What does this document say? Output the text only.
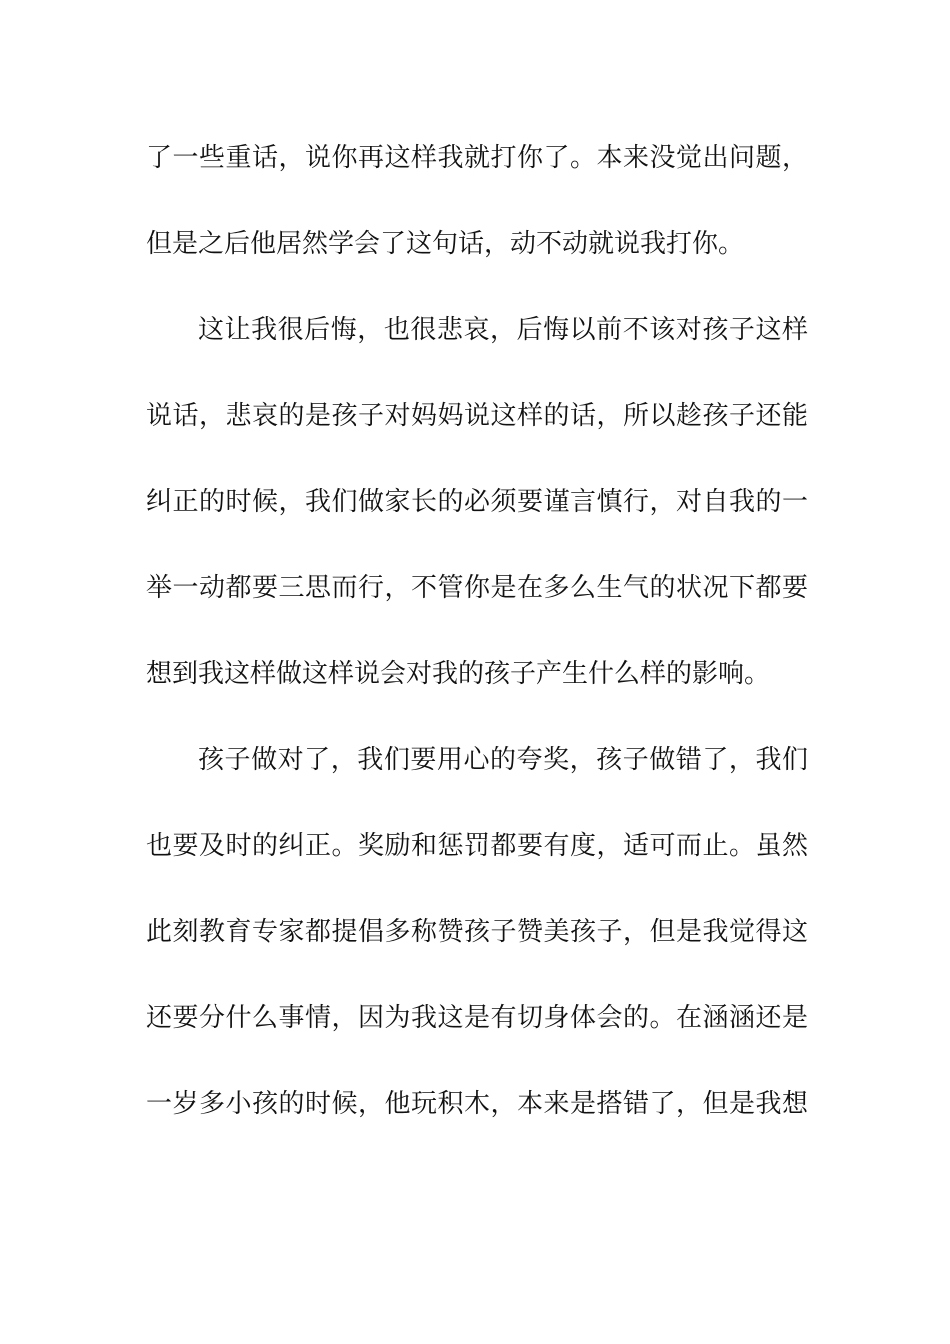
了一些重话，说你再这样我就打你了。本来没觉出问题，
但是之后他居然学会了这句话，动不动就说我打你。
这让我很后悔，也很悲哀，后悔以前不该对孩子这样
说话，悲哀的是孩子对妈妈说这样的话，所以趁孩子还能
纠正的时候，我们做家长的必须要谨言慎行，对自我的一
举一动都要三思而行，不管你是在多么生气的状况下都要
想到我这样做这样说会对我的孩子产生什么样的影响。
孩子做对了，我们要用心的夸奖，孩子做错了，我们
也要及时的纠正。奖励和惩罚都要有度，适可而止。虽然
此刻教育专家都提倡多称赞孩子赞美孩子，但是我觉得这
还要分什么事情，因为我这是有切身体会的。在涵涵还是
一岁多小孩的时候，他玩积木，本来是搭错了，但是我想
